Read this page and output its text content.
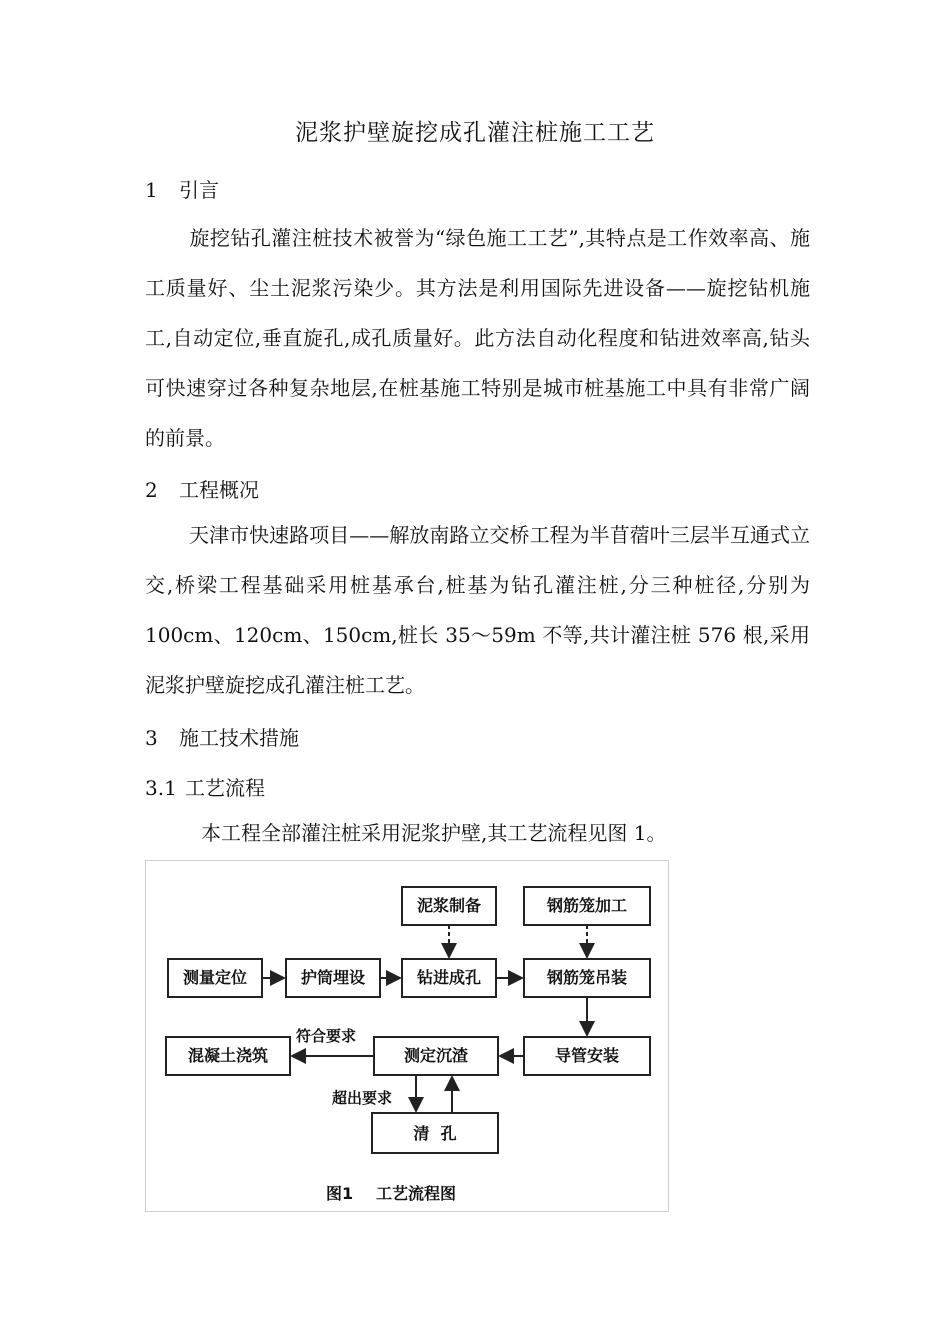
泥浆护壁旋挖成孔灌注桩施工工艺
1 引言
旋挖钻孔灌注桩技术被誉为“绿色施工工艺”,其特点是工作效率高、施工质量好、尘土泥浆污染少。其方法是利用国际先进设备——旋挖钻机施工,自动定位,垂直旋孔,成孔质量好。此方法自动化程度和钻进效率高,钻头可快速穿过各种复杂地层,在桩基施工特别是城市桩基施工中具有非常广阔的前景。
2 工程概况
天津市快速路项目——解放南路立交桥工程为半苜蓿叶三层半互通式立交,桥梁工程基础采用桩基承台,桩基为钻孔灌注桩,分三种桩径,分别为 100cm、120cm、150cm,桩长 35～59m 不等,共计灌注桩 576 根,采用泥浆护壁旋挖成孔灌注桩工艺。
3 施工技术措施
3.1 工艺流程
本工程全部灌注桩采用泥浆护壁,其工艺流程见图 1。
泥浆制备	钢筋笼加工
测量定位	护筒埋设	钻进成孔	钢筋笼吊装
混凝土浇筑	测定沉渣	导管安装
清  孔
符合要求
超出要求
图1 工艺流程图
